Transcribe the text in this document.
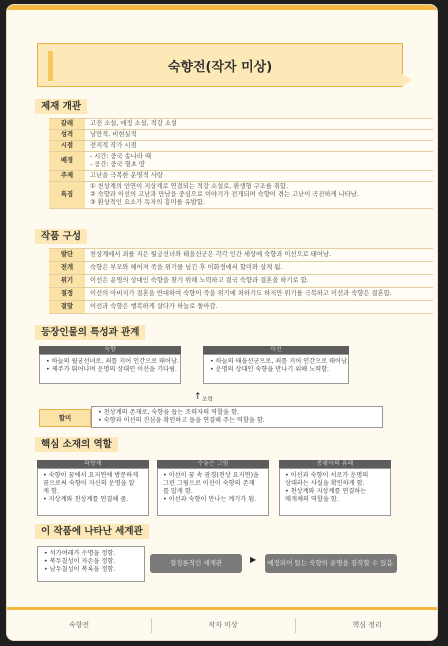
숙향전(작자 미상)
제재 개관
갈래	고전 소설, 애정 소설, 적강 소설

성격	낭만적, 비현실적

시점	전지적 작가 시점

배경	- 시간: 중국 송나라 때
- 공간: 중국 형초 땅

주제	고난을 극복한 운명적 사랑

특징	① 천상계의 인연이 지상계로 연결되는 적강 소설로, 환생형 구조를 취함.
② 숙향과 이선의 고난과 만남을 중심으로 이야기가 전개되며 숙향이 겪는 고난이 곡진하게 나타남.
③ 환상적인 요소가 독자의 흥미를 유발함.
작품 구성
발단	천상계에서 죄를 지은 월궁선녀와 태을선군은 각각 인간 세상에 숙향과 이선으로 태어남.
전개	숙향은 부모와 헤어져 죽을 위기를 넘긴 후 이화정에서 할미와 살게 됨.
위기	이선은 운명의 상대인 숙향을 찾기 위해 노력하고 결국 숙향과 결혼을 하기로 함.
절정	이선의 아버지가 결혼을 반대하여 숙향이 죽을 위기에 처하기도 하지만 위기를 극복하고 이선과 숙향은 결혼함.
결말	이선과 숙향은 행복하게 살다가 하늘로 돌아감.
등장인물의 특성과 관계
숙향
• 하늘의 월궁선녀로, 죄를 지어 인간으로 태어남.
• 제주가 뛰어나며 운명의 상대인 이선을 기다림.
이선
• 하늘의 태을선군으로, 죄를 지어 인간으로 태어남.
• 운명의 상대인 숙향을 만나기 위해 노력함.
↑ 조력
할미
• 천상계의 존재로, 숙향을 돕는 조력자의 역할을 함.
• 숙향과 이선의 진심을 확인하고 둘을 연결해 주는 역할을 함.
핵심 소재의 역할
파랑새
• 숙향이 꿈에서 요지연에 방문하게
꿈으로써 숙향이 자신의 운명을 알
게 함.
• 지상계와 천상계를 연결해 줌.
수놓은 그림
• 이선이 꿈 속 광경(천상 요지연)을
그린 그림으로 이선이 숙향의 존재
를 알게 함.
• 이선과 숙향이 만나는 계기가 됨.
봉황이의 유래
• 이선과 숙향이 서로가 운명의
상대라는 사실을 확인하게 함.
• 천상계와 지상계를 연결하는
매개체의 역할을 함.
이 작품에 나타난 세계관
• 석가여래가 수명을 정함.
• 북두칠성이 자손을 정함.
• 남두칠성이 복록을 정함.
결정론적인 세계관	▶	예정되어 있는 숙향의 운명을 짐작할 수 있음.
숙향전	작자 미상	핵심 정리
